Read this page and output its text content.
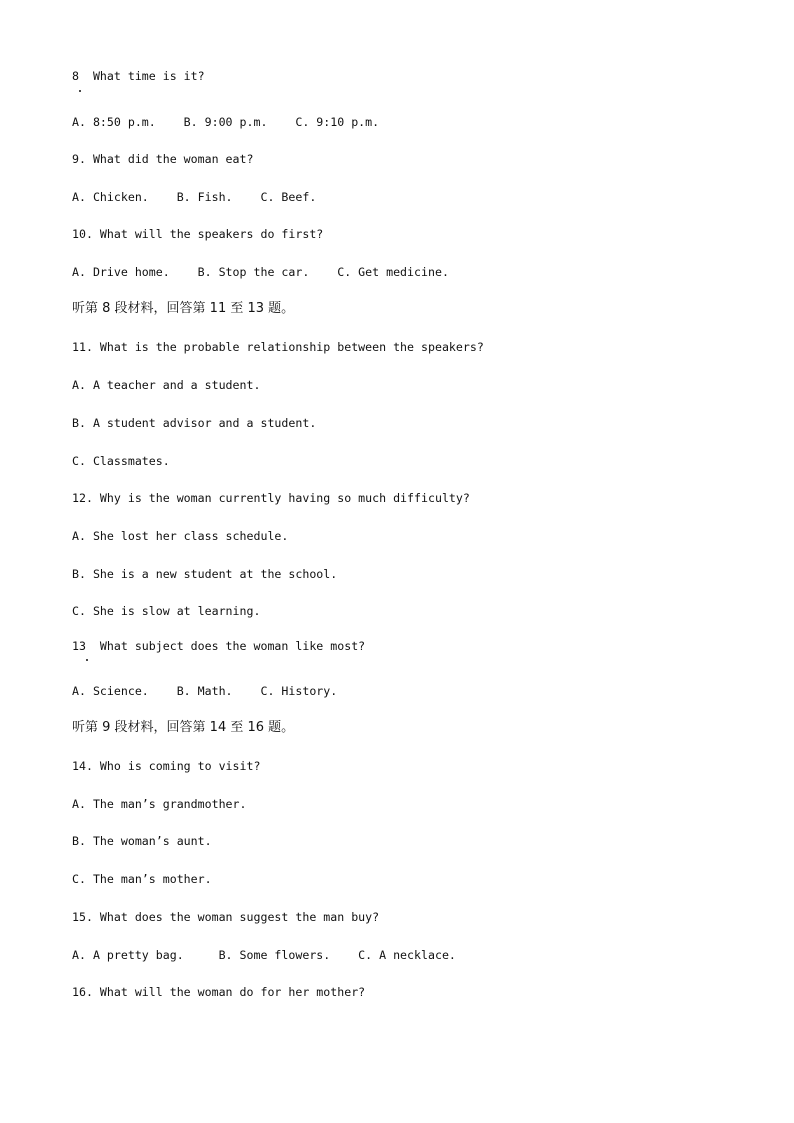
8  What time is it?

A. 8:50 p.m.    B. 9:00 p.m.    C. 9:10 p.m.

9. What did the woman eat?

A. Chicken.    B. Fish.    C. Beef.

10. What will the speakers do first?

A. Drive home.    B. Stop the car.    C. Get medicine.

听第 8 段材料，回答第 11 至 13 题。

11. What is the probable relationship between the speakers?

A. A teacher and a student.

B. A student advisor and a student.

C. Classmates.

12. Why is the woman currently having so much difficulty?

A. She lost her class schedule.

B. She is a new student at the school.

C. She is slow at learning.

13  What subject does the woman like most?

A. Science.    B. Math.    C. History.

听第 9 段材料，回答第 14 至 16 题。

14. Who is coming to visit?

A. The man’s grandmother.

B. The woman’s aunt.

C. The man’s mother.

15. What does the woman suggest the man buy?

A. A pretty bag.     B. Some flowers.    C. A necklace.

16. What will the woman do for her mother?
